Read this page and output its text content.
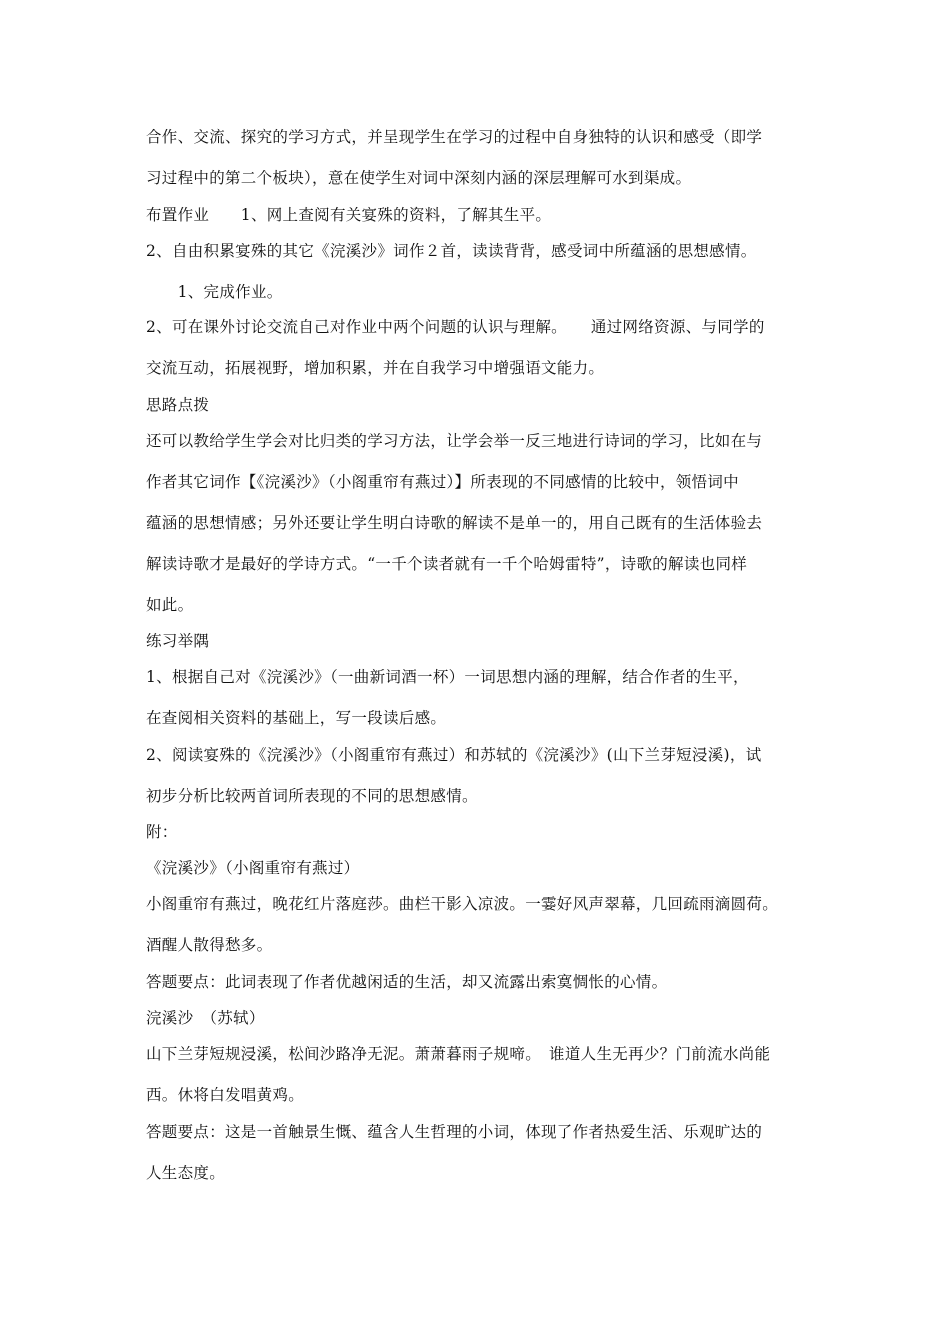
合作、交流、探究的学习方式，并呈现学生在学习的过程中自身独特的认识和感受（即学
习过程中的第二个板块），意在使学生对词中深刻内涵的深层理解可水到渠成。
布置作业　　1、网上查阅有关宴殊的资料，了解其生平。
2、自由积累宴殊的其它《浣溪沙》词作２首，读读背背，感受词中所蕴涵的思想感情。
　　1、完成作业。
2、可在课外讨论交流自己对作业中两个问题的认识与理解。　　通过网络资源、与同学的
交流互动，拓展视野，增加积累，并在自我学习中增强语文能力。
思路点拨
还可以教给学生学会对比归类的学习方法，让学会举一反三地进行诗词的学习，比如在与
作者其它词作【《浣溪沙》（小阁重帘有燕过）】所表现的不同感情的比较中，领悟词中
蕴涵的思想情感；另外还要让学生明白诗歌的解读不是单一的，用自己既有的生活体验去
解读诗歌才是最好的学诗方式。“一千个读者就有一千个哈姆雷特”，诗歌的解读也同样
如此。
练习举隅
1、根据自己对《浣溪沙》（一曲新词酒一杯）一词思想内涵的理解，结合作者的生平，
在查阅相关资料的基础上，写一段读后感。
2、阅读宴殊的《浣溪沙》（小阁重帘有燕过）和苏轼的《浣溪沙》(山下兰芽短浸溪)，试
初步分析比较两首词所表现的不同的思想感情。
附：
《浣溪沙》（小阁重帘有燕过）
小阁重帘有燕过，晚花红片落庭莎。曲栏干影入凉波。一霎好风声翠幕，几回疏雨滴圆荷。
酒醒人散得愁多。
答题要点：此词表现了作者优越闲适的生活，却又流露出索寞惆怅的心情。
浣溪沙　（苏轼）
山下兰芽短规浸溪，松间沙路净无泥。萧萧暮雨子规啼。　谁道人生无再少？门前流水尚能
西。休将白发唱黄鸡。
答题要点：这是一首触景生慨、蕴含人生哲理的小词，体现了作者热爱生活、乐观旷达的
人生态度。
